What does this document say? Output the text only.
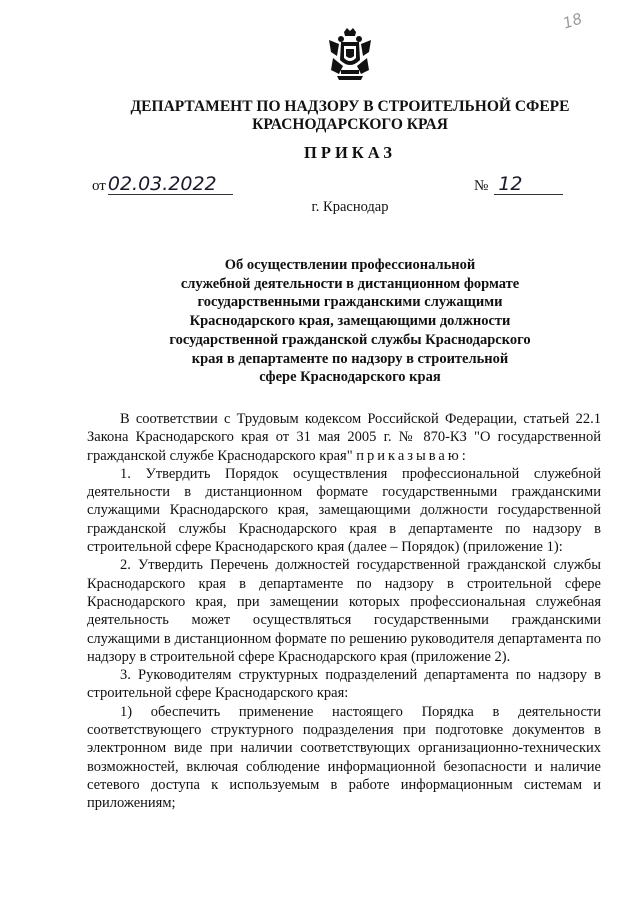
18
ДЕПАРТАМЕНТ ПО НАДЗОРУ В СТРОИТЕЛЬНОЙ СФЕРЕ
КРАСНОДАРСКОГО КРАЯ
ПРИКАЗ
от 02.03.2022	№ 12
г. Краснодар
Об осуществлении профессиональной
служебной деятельности в дистанционном формате
государственными гражданскими служащими
Краснодарского края, замещающими должности
государственной гражданской службы Краснодарского
края в департаменте по надзору в строительной
сфере Краснодарского края

В соответствии с Трудовым кодексом Российской Федерации, статьей 22.1 Закона Краснодарского края от 31 мая 2005 г. № 870-КЗ "О государственной гражданской службе Краснодарского края" приказываю:

1. Утвердить Порядок осуществления профессиональной служебной деятельности в дистанционном формате государственными гражданскими служащими Краснодарского края, замещающими должности государственной гражданской службы Краснодарского края в департаменте по надзору в строительной сфере Краснодарского края (далее – Порядок) (приложение 1):

2. Утвердить Перечень должностей государственной гражданской службы Краснодарского края в департаменте по надзору в строительной сфере Краснодарского края, при замещении которых профессиональная служебная деятельность может осуществляться государственными гражданскими служащими в дистанционном формате по решению руководителя департамента по надзору в строительной сфере Краснодарского края (приложение 2).

3. Руководителям структурных подразделений департамента по надзору в строительной сфере Краснодарского края:

1) обеспечить применение настоящего Порядка в деятельности соответствующего структурного подразделения при подготовке документов в электронном виде при наличии соответствующих организационно-технических возможностей, включая соблюдение информационной безопасности и наличие сетевого доступа к используемым в работе информационным системам и приложениям;
